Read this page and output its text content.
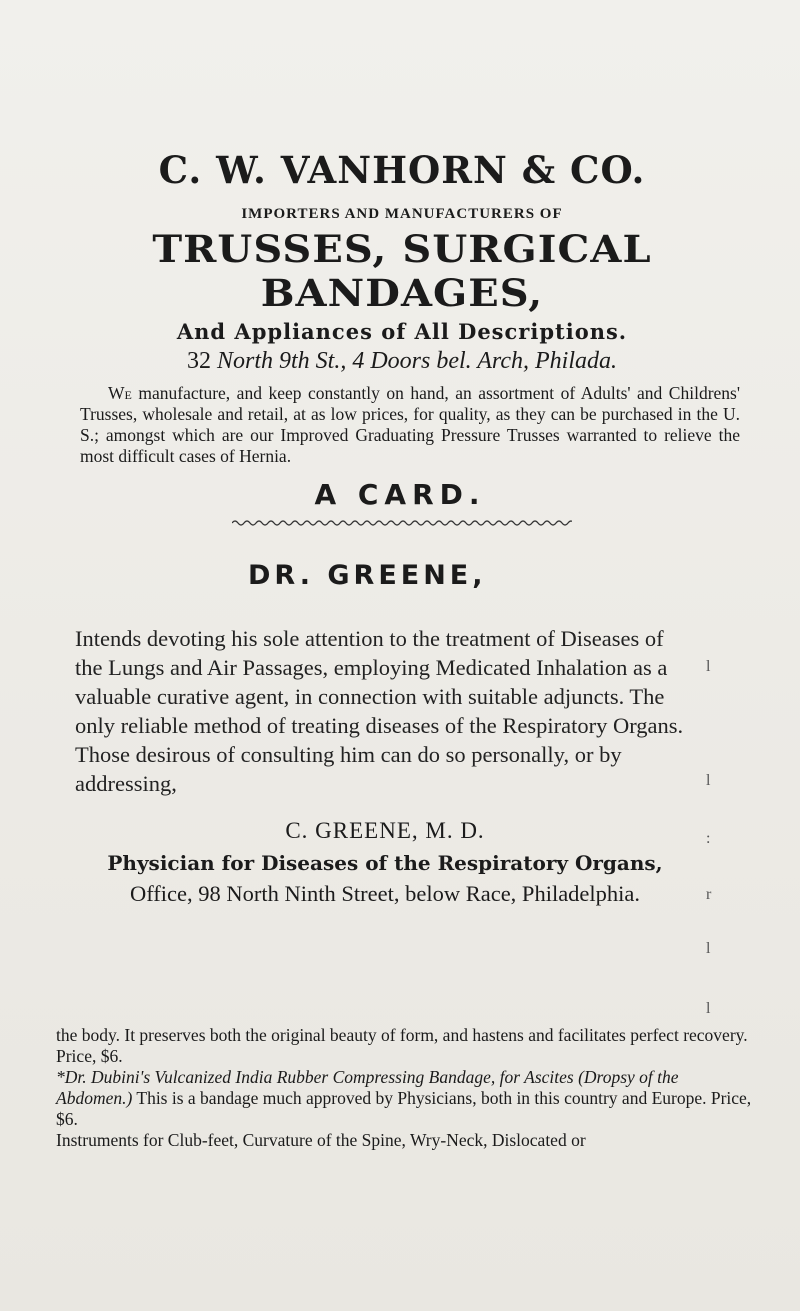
C. W. VANHORN & CO.
IMPORTERS AND MANUFACTURERS OF
TRUSSES, SURGICAL BANDAGES,
And Appliances of All Descriptions.
32 North 9th St., 4 Doors bel. Arch, Philada.

We manufacture, and keep constantly on hand, an assortment of Adults' and Childrens' Trusses, wholesale and retail, at as low prices, for quality, as they can be purchased in the U. S.; amongst which are our Improved Graduating Pressure Trusses warranted to relieve the most difficult cases of Hernia.

A CARD.
DR. GREENE,

Intends devoting his sole attention to the treatment of Diseases of the Lungs and Air Passages, employing Medicated Inhalation as a valuable curative agent, in connection with suitable adjuncts. The only reliable method of treating diseases of the Respiratory Organs. Those desirous of consulting him can do so personally, or by addressing,

C. GREENE, M. D.
Physician for Diseases of the Respiratory Organs,
Office, 98 North Ninth Street, below Race, Philadelphia.
l
l
:
r
l
l

the body. It preserves both the original beauty of form, and hastens and facilitates perfect recovery. Price, $6.

*Dr. Dubini's Vulcanized India Rubber Compressing Bandage, for Ascites (Dropsy of the Abdomen.) This is a bandage much approved by Physicians, both in this country and Europe. Price, $6.

Instruments for Club-feet, Curvature of the Spine, Wry-Neck, Dislocated or
